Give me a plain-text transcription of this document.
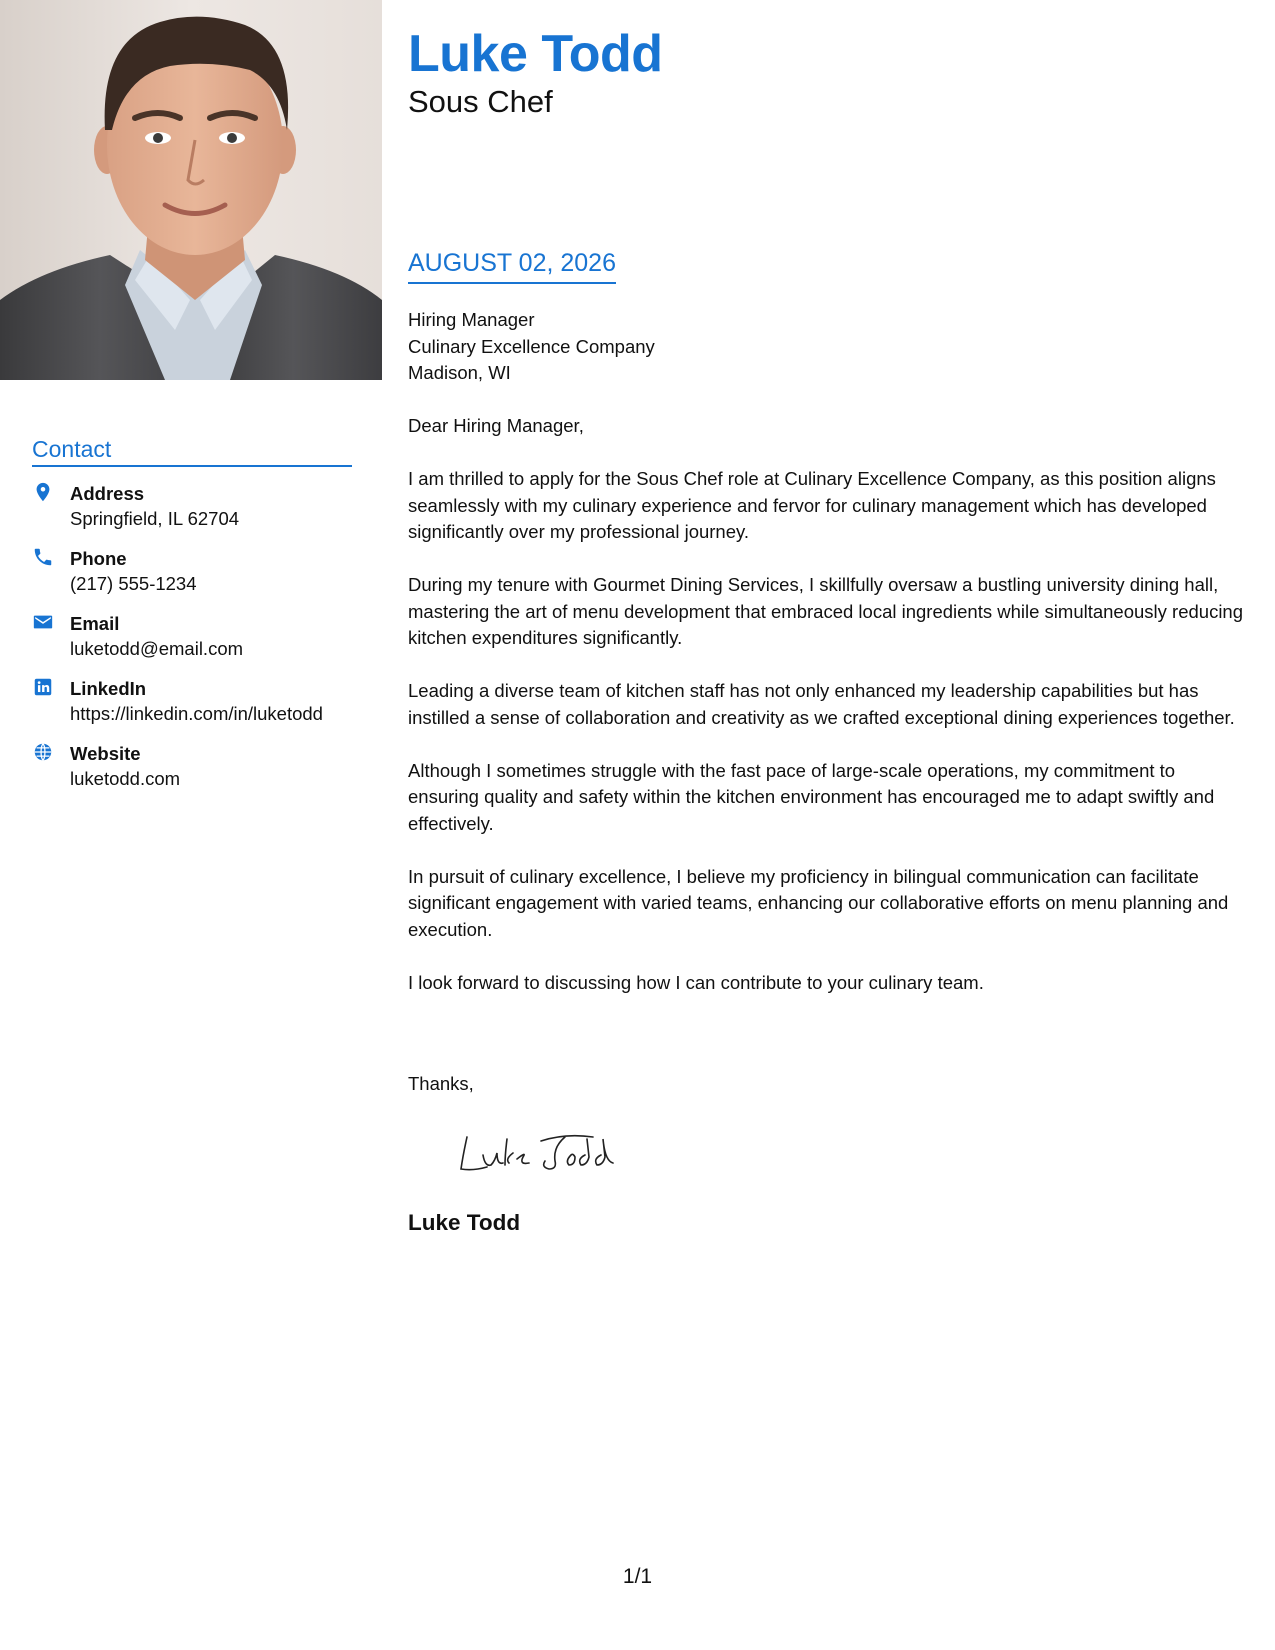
Contact
Address
Springfield, IL 62704
Phone
(217) 555-1234
Email
luketodd@email.com
LinkedIn
https://linkedin.com/in/luketodd
Website
luketodd.com
Luke Todd
Sous Chef
AUGUST 02, 2026
Hiring Manager
Culinary Excellence Company
Madison, WI

Dear Hiring Manager,

I am thrilled to apply for the Sous Chef role at Culinary Excellence Company, as this position aligns seamlessly with my culinary experience and fervor for culinary management which has developed significantly over my professional journey.

During my tenure with Gourmet Dining Services, I skillfully oversaw a bustling university dining hall, mastering the art of menu development that embraced local ingredients while simultaneously reducing kitchen expenditures significantly.

Leading a diverse team of kitchen staff has not only enhanced my leadership capabilities but has instilled a sense of collaboration and creativity as we crafted exceptional dining experiences together.

Although I sometimes struggle with the fast pace of large-scale operations, my commitment to ensuring quality and safety within the kitchen environment has encouraged me to adapt swiftly and effectively.

In pursuit of culinary excellence, I believe my proficiency in bilingual communication can facilitate significant engagement with varied teams, enhancing our collaborative efforts on menu planning and execution.

I look forward to discussing how I can contribute to your culinary team.

Thanks,
Luke Todd
1/1
